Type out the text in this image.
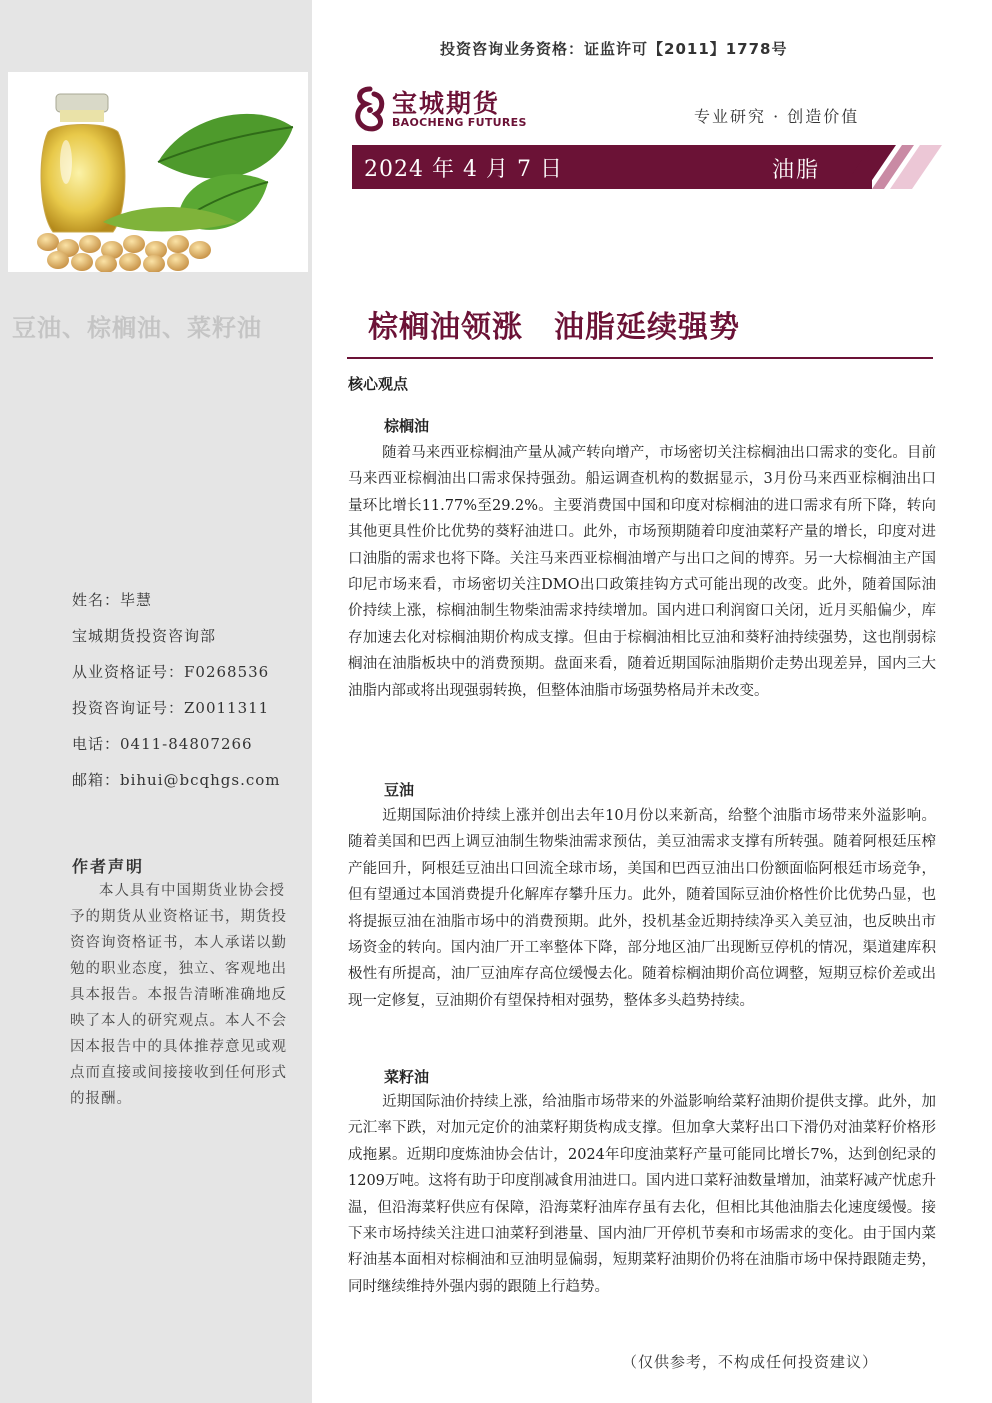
豆油、棕榈油、菜籽油
姓名：毕慧
宝城期货投资咨询部
从业资格证号：F0268536
投资咨询证号：Z0011311
电话：0411-84807266
邮箱：bihui@bcqhgs.com
作者声明
本人具有中国期货业协会授予的期货从业资格证书，期货投资咨询资格证书，本人承诺以勤勉的职业态度，独立、客观地出具本报告。本报告清晰准确地反映了本人的研究观点。本人不会因本报告中的具体推荐意见或观点而直接或间接接收到任何形式的报酬。
投资咨询业务资格：证监许可【2011】1778号
宝城期货
BAOCHENG FUTURES	专业研究 · 创造价值
2024 年 4 月 7 日	油脂
棕榈油领涨　油脂延续强势
核心观点
棕榈油
随着马来西亚棕榈油产量从减产转向增产，市场密切关注棕榈油出口需求的变化。目前马来西亚棕榈油出口需求保持强劲。船运调查机构的数据显示，3月份马来西亚棕榈油出口量环比增长11.77%至29.2%。主要消费国中国和印度对棕榈油的进口需求有所下降，转向其他更具性价比优势的葵籽油进口。此外，市场预期随着印度油菜籽产量的增长，印度对进口油脂的需求也将下降。关注马来西亚棕榈油增产与出口之间的博弈。另一大棕榈油主产国印尼市场来看，市场密切关注DMO出口政策挂钩方式可能出现的改变。此外，随着国际油价持续上涨，棕榈油制生物柴油需求持续增加。国内进口利润窗口关闭，近月买船偏少，库存加速去化对棕榈油期价构成支撑。但由于棕榈油相比豆油和葵籽油持续强势，这也削弱棕榈油在油脂板块中的消费预期。盘面来看，随着近期国际油脂期价走势出现差异，国内三大油脂内部或将出现强弱转换，但整体油脂市场强势格局并未改变。
豆油
近期国际油价持续上涨并创出去年10月份以来新高，给整个油脂市场带来外溢影响。随着美国和巴西上调豆油制生物柴油需求预估，美豆油需求支撑有所转强。随着阿根廷压榨产能回升，阿根廷豆油出口回流全球市场，美国和巴西豆油出口份额面临阿根廷市场竞争，但有望通过本国消费提升化解库存攀升压力。此外，随着国际豆油价格性价比优势凸显，也将提振豆油在油脂市场中的消费预期。此外，投机基金近期持续净买入美豆油，也反映出市场资金的转向。国内油厂开工率整体下降，部分地区油厂出现断豆停机的情况，渠道建库积极性有所提高，油厂豆油库存高位缓慢去化。随着棕榈油期价高位调整，短期豆棕价差或出现一定修复，豆油期价有望保持相对强势，整体多头趋势持续。
菜籽油
近期国际油价持续上涨，给油脂市场带来的外溢影响给菜籽油期价提供支撑。此外，加元汇率下跌，对加元定价的油菜籽期货构成支撑。但加拿大菜籽出口下滑仍对油菜籽价格形成拖累。近期印度炼油协会估计，2024年印度油菜籽产量可能同比增长7%，达到创纪录的1209万吨。这将有助于印度削减食用油进口。国内进口菜籽油数量增加，油菜籽减产忧虑升温，但沿海菜籽供应有保障，沿海菜籽油库存虽有去化，但相比其他油脂去化速度缓慢。接下来市场持续关注进口油菜籽到港量、国内油厂开停机节奏和市场需求的变化。由于国内菜籽油基本面相对棕榈油和豆油明显偏弱，短期菜籽油期价仍将在油脂市场中保持跟随走势，同时继续维持外强内弱的跟随上行趋势。
（仅供参考，不构成任何投资建议）
